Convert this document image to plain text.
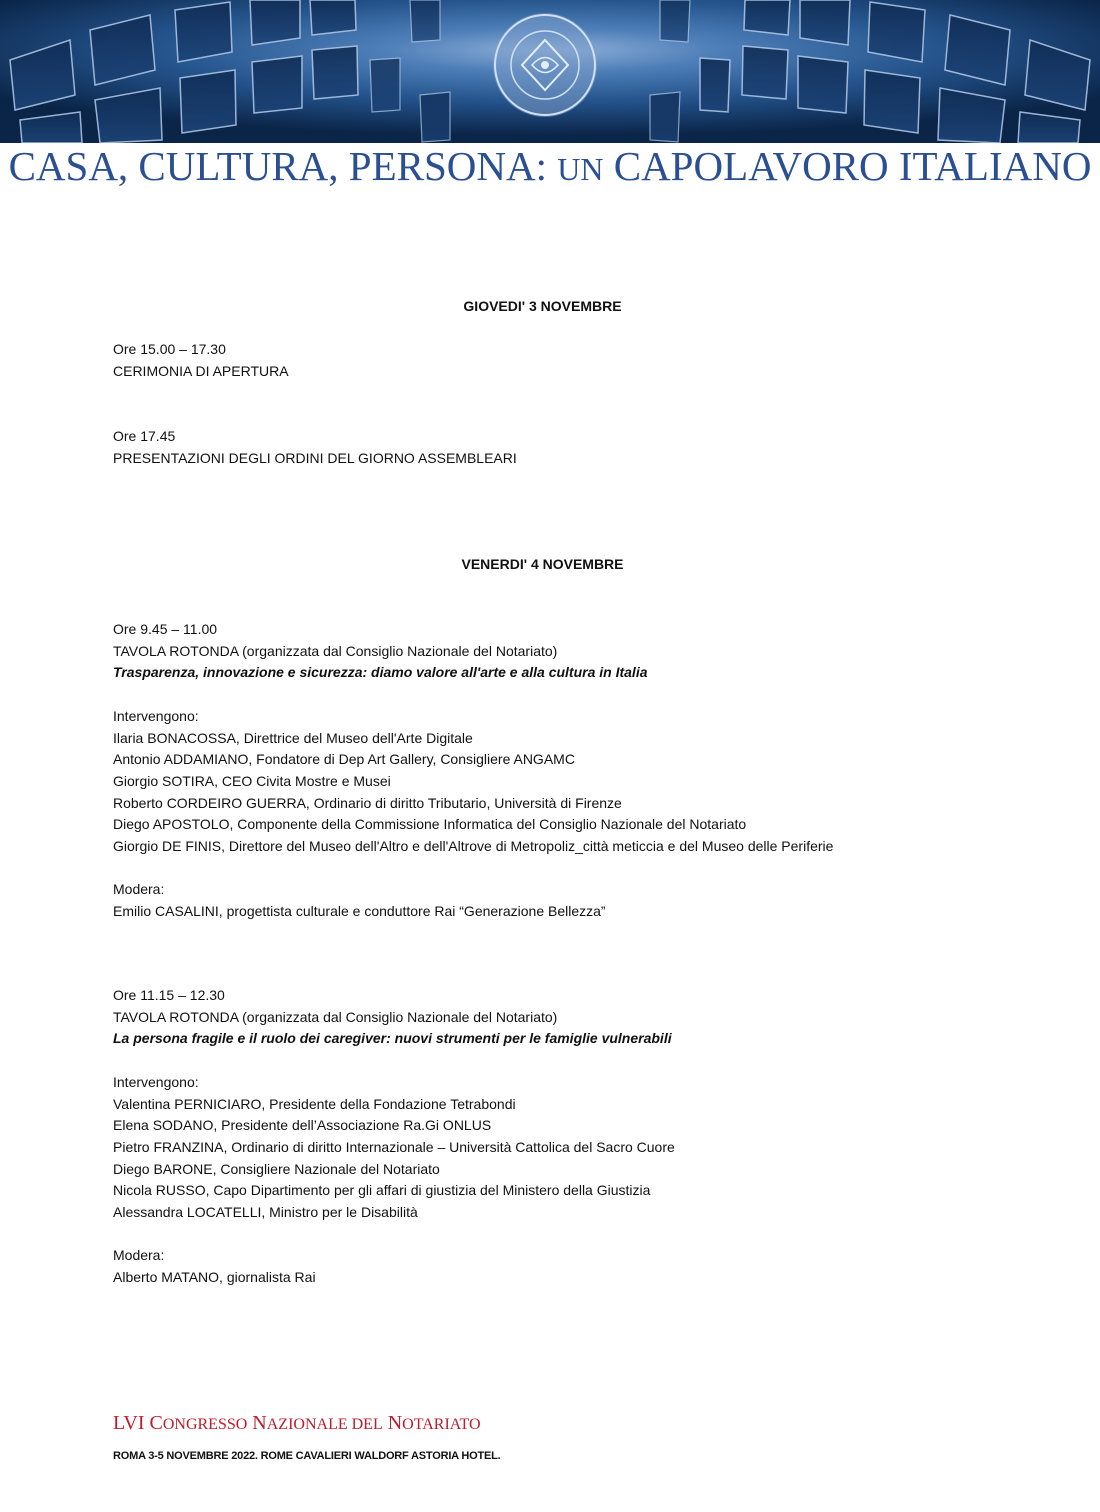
CASA, CULTURA, PERSONA: UN CAPOLAVORO ITALIANO
GIOVEDI' 3 NOVEMBRE
Ore 15.00 – 17.30
CERIMONIA DI APERTURA
Ore 17.45
PRESENTAZIONI DEGLI ORDINI DEL GIORNO ASSEMBLEARI
VENERDI' 4 NOVEMBRE
Ore 9.45 – 11.00
TAVOLA ROTONDA (organizzata dal Consiglio Nazionale del Notariato)
Trasparenza, innovazione e sicurezza: diamo valore all'arte e alla cultura in Italia
Intervengono:
Ilaria BONACOSSA, Direttrice del Museo dell'Arte Digitale
Antonio ADDAMIANO, Fondatore di Dep Art Gallery, Consigliere ANGAMC
Giorgio SOTIRA, CEO Civita Mostre e Musei
Roberto CORDEIRO GUERRA, Ordinario di diritto Tributario, Università di Firenze
Diego APOSTOLO, Componente della Commissione Informatica del Consiglio Nazionale del Notariato
Giorgio DE FINIS, Direttore del Museo dell'Altro e dell'Altrove di Metropoliz_città meticcia e del Museo delle Periferie
Modera:
Emilio CASALINI, progettista culturale e conduttore Rai “Generazione Bellezza”
Ore 11.15 – 12.30
TAVOLA ROTONDA (organizzata dal Consiglio Nazionale del Notariato)
La persona fragile e il ruolo dei caregiver: nuovi strumenti per le famiglie vulnerabili
Intervengono:
Valentina PERNICIARO, Presidente della Fondazione Tetrabondi
Elena SODANO, Presidente dell’Associazione Ra.Gi ONLUS
Pietro FRANZINA, Ordinario di diritto Internazionale – Università Cattolica del Sacro Cuore
Diego BARONE, Consigliere Nazionale del Notariato
Nicola RUSSO, Capo Dipartimento per gli affari di giustizia del Ministero della Giustizia
Alessandra LOCATELLI, Ministro per le Disabilità
Modera:
Alberto MATANO, giornalista Rai
LVI CONGRESSO NAZIONALE DEL NOTARIATO
ROMA 3-5 NOVEMBRE 2022. ROME CAVALIERI WALDORF ASTORIA HOTEL.
